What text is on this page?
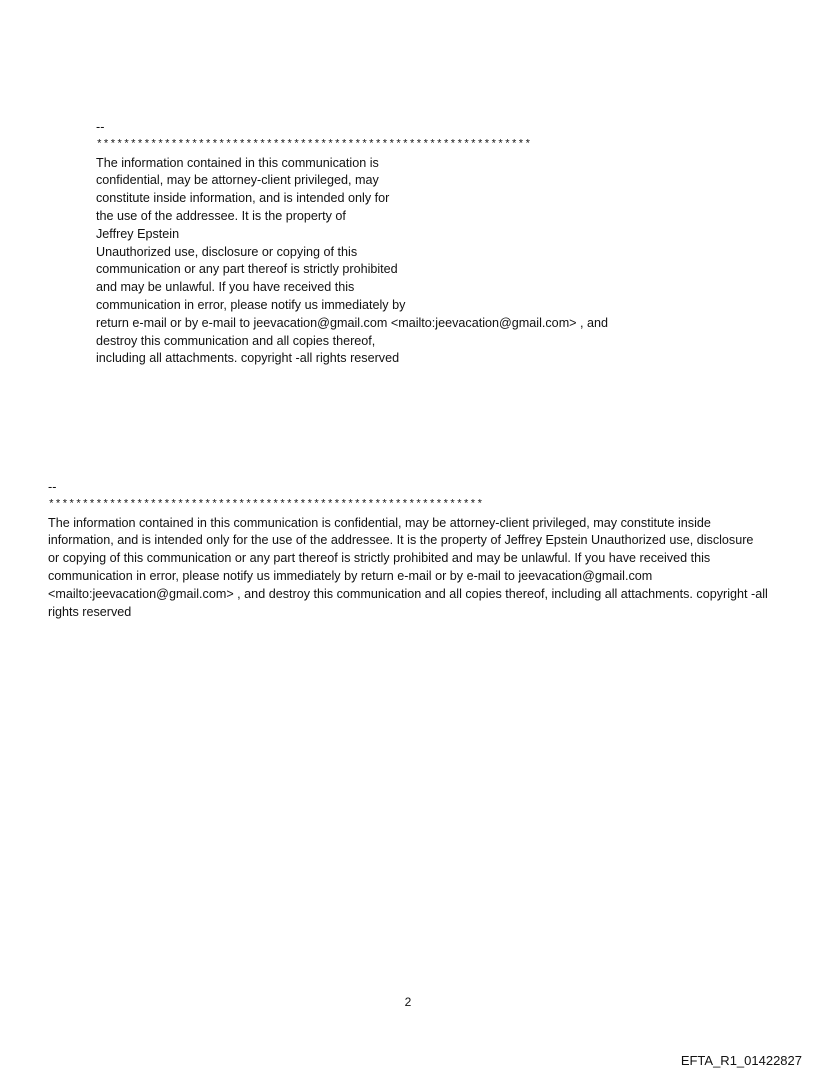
--
****************************************************************
The information contained in this communication is
confidential, may be attorney-client privileged, may
constitute inside information, and is intended only for
the use of the addressee. It is the property of
Jeffrey Epstein
Unauthorized use, disclosure or copying of this
communication or any part thereof is strictly prohibited
and may be unlawful. If you have received this
communication in error, please notify us immediately by
return e-mail or by e-mail to jeevacation@gmail.com <mailto:jeevacation@gmail.com> , and
destroy this communication and all copies thereof,
including all attachments. copyright -all rights reserved
--
****************************************************************
The information contained in this communication is confidential, may be attorney-client privileged, may constitute inside information, and is intended only for the use of the addressee. It is the property of Jeffrey Epstein Unauthorized use, disclosure or copying of this communication or any part thereof is strictly prohibited and may be unlawful. If you have received this communication in error, please notify us immediately by return e-mail or by e-mail to jeevacation@gmail.com <mailto:jeevacation@gmail.com> , and destroy this communication and all copies thereof, including all attachments. copyright -all rights reserved
2
EFTA_R1_01422827
